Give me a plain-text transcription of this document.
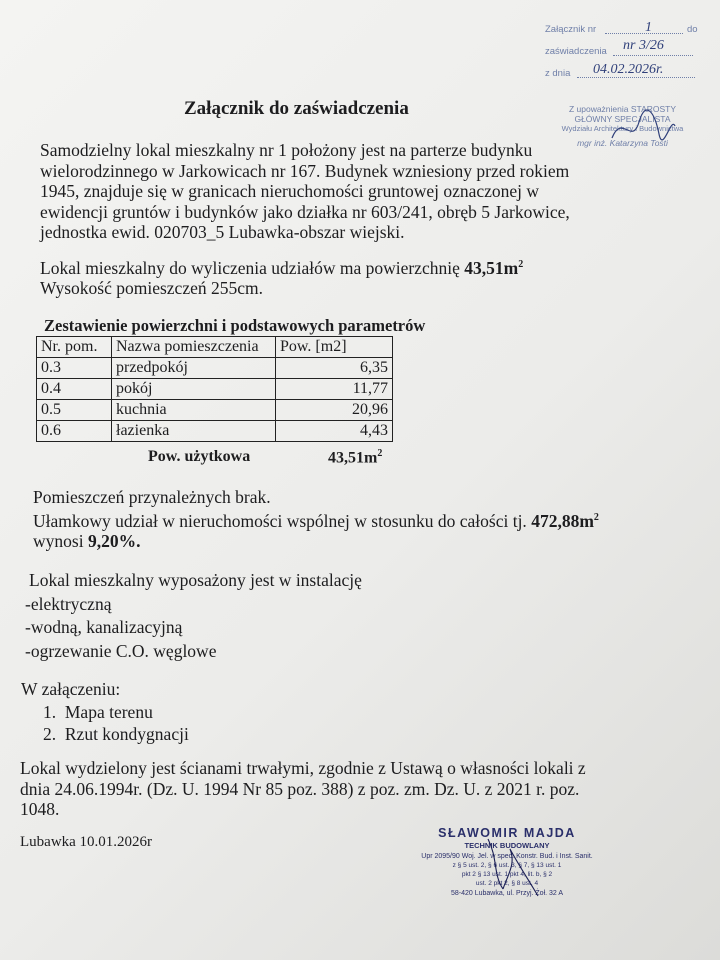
Załącznik nr	1	do
zaświadczenia nr 3/26
z dnia 04.02.2026r.
Z upoważnienia STAROSTY
GŁÓWNY SPECJALISTA
Wydziału Architektury i Budownictwa
mgr inż. Katarzyna Tosti
Załącznik do zaświadczenia

Samodzielny lokal mieszkalny nr 1 położony jest na parterze budynku

wielorodzinnego w Jarkowicach nr 167. Budynek wzniesiony przed rokiem

1945, znajduje się w granicach nieruchomości gruntowej oznaczonej w

ewidencji gruntów i budynków jako działka nr 603/241, obręb 5 Jarkowice,

jednostka ewid. 020703_5 Lubawka-obszar wiejski.

Lokal mieszkalny do wyliczenia udziałów ma powierzchnię $43,51m^2$

Wysokość pomieszczeń 255cm.

Zestawienie powierzchni i podstawowych parametrów
Nr. pom.	Nazwa pomieszczenia	Pow. [m2]
0.3	przedpokój	6,35
0.4	pokój	11,77
0.5	kuchnia	20,96
0.6	łazienka	4,43
Pow. użytkowa	$43,51m^2$

Pomieszczeń przynależnych brak.

Ułamkowy udział w nieruchomości wspólnej w stosunku do całości tj. $472,88m^2$

wynosi 9,20%.

Lokal mieszkalny wyposażony jest w instalację
-elektryczną
-wodną, kanalizacyjną
-ogrzewanie C.O. węglowe
W załączeniu:
1. Mapa terenu
2. Rzut kondygnacji

Lokal wydzielony jest ścianami trwałymi, zgodnie z Ustawą o własności lokali z

dnia 24.06.1994r. (Dz. U. 1994 Nr 85 poz. 388) z poz. zm. Dz. U. z 2021 r. poz.

1048.

Lubawka 10.01.2026r
SŁAWOMIR MAJDA
TECHNIK BUDOWLANY
Upr 2095/90 Woj. Jel. w spec. Konstr. Bud. i Inst. Sanit.
z § 5 ust. 2, § 6 ust. 3, § 7, § 13 ust. 1
pkt 2 § 13 ust. 1 pkt 4, lit. b, § 2
ust. 2 pkt 2, § 8 ust. 4
58-420 Lubawka, ul. Przyj. Żoł. 32 A
